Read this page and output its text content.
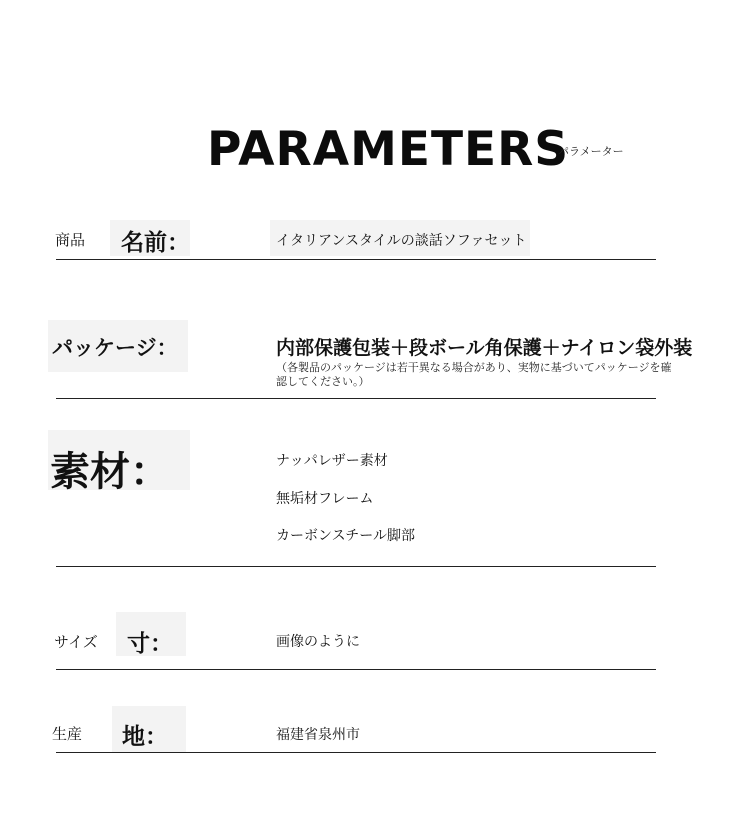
PARAMETERS
パラメーター
商品 名前：	イタリアンスタイルの談話ソファセット
パッケージ：	内部保護包装＋段ボール角保護＋ナイロン袋外装
（各製品のパッケージは若干異なる場合があり、実物に基づいてパッケージを確認してください。）
素材：	ナッパレザー素材
無垢材フレーム
カーボンスチール脚部
サイズ 寸：	画像のように
生産 地：	福建省泉州市
